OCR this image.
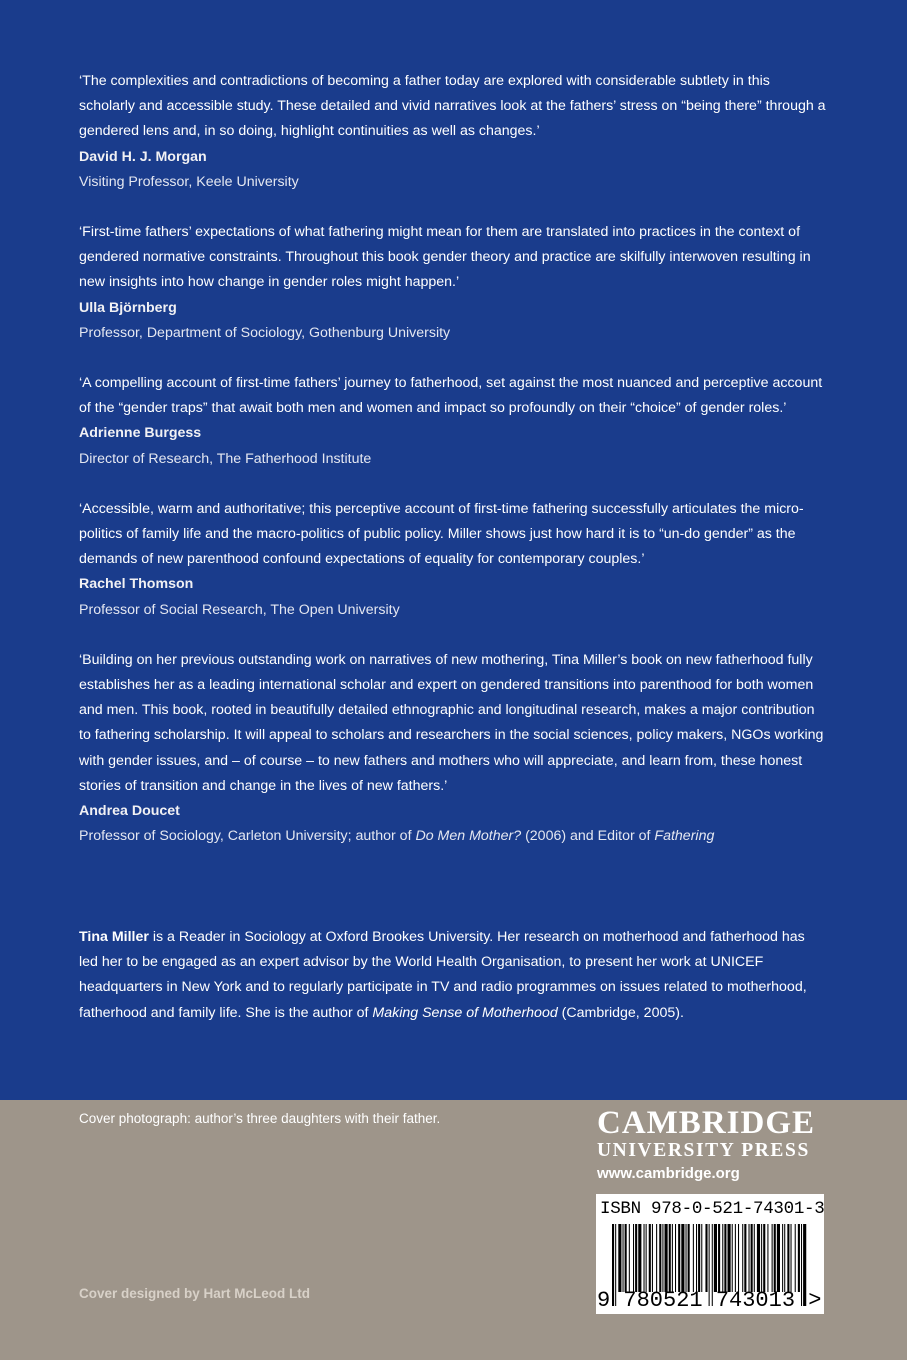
‘The complexities and contradictions of becoming a father today are explored with considerable subtlety in this scholarly and accessible study. These detailed and vivid narratives look at the fathers’ stress on “being there” through a gendered lens and, in so doing, highlight continuities as well as changes.’

David H. J. Morgan
Visiting Professor, Keele University

‘First-time fathers’ expectations of what fathering might mean for them are translated into practices in the context of gendered normative constraints. Throughout this book gender theory and practice are skilfully interwoven resulting in new insights into how change in gender roles might happen.’

Ulla Björnberg
Professor, Department of Sociology, Gothenburg University

‘A compelling account of first-time fathers’ journey to fatherhood, set against the most nuanced and perceptive account of the “gender traps” that await both men and women and impact so profoundly on their “choice” of gender roles.’

Adrienne Burgess
Director of Research, The Fatherhood Institute

‘Accessible, warm and authoritative; this perceptive account of first-time fathering successfully articulates the micro-politics of family life and the macro-politics of public policy. Miller shows just how hard it is to “un-do gender” as the demands of new parenthood confound expectations of equality for contemporary couples.’

Rachel Thomson
Professor of Social Research, The Open University

‘Building on her previous outstanding work on narratives of new mothering, Tina Miller’s book on new fatherhood fully establishes her as a leading international scholar and expert on gendered transitions into parenthood for both women and men. This book, rooted in beautifully detailed ethnographic and longitudinal research, makes a major contribution to fathering scholarship. It will appeal to scholars and researchers in the social sciences, policy makers, NGOs working with gender issues, and – of course – to new fathers and mothers who will appreciate, and learn from, these honest stories of transition and change in the lives of new fathers.’

Andrea Doucet
Professor of Sociology, Carleton University; author of Do Men Mother? (2006) and Editor of Fathering

Tina Miller is a Reader in Sociology at Oxford Brookes University. Her research on motherhood and fatherhood has led her to be engaged as an expert advisor by the World Health Organisation, to present her work at UNICEF headquarters in New York and to regularly participate in TV and radio programmes on issues related to motherhood, fatherhood and family life. She is the author of Making Sense of Motherhood (Cambridge, 2005).

Cover photograph: author’s three daughters with their father.

Cover designed by Hart McLeod Ltd

CAMBRIDGE
UNIVERSITY PRESS
www.cambridge.org

ISBN 978-0-521-74301-3

9 780521 743013 >
